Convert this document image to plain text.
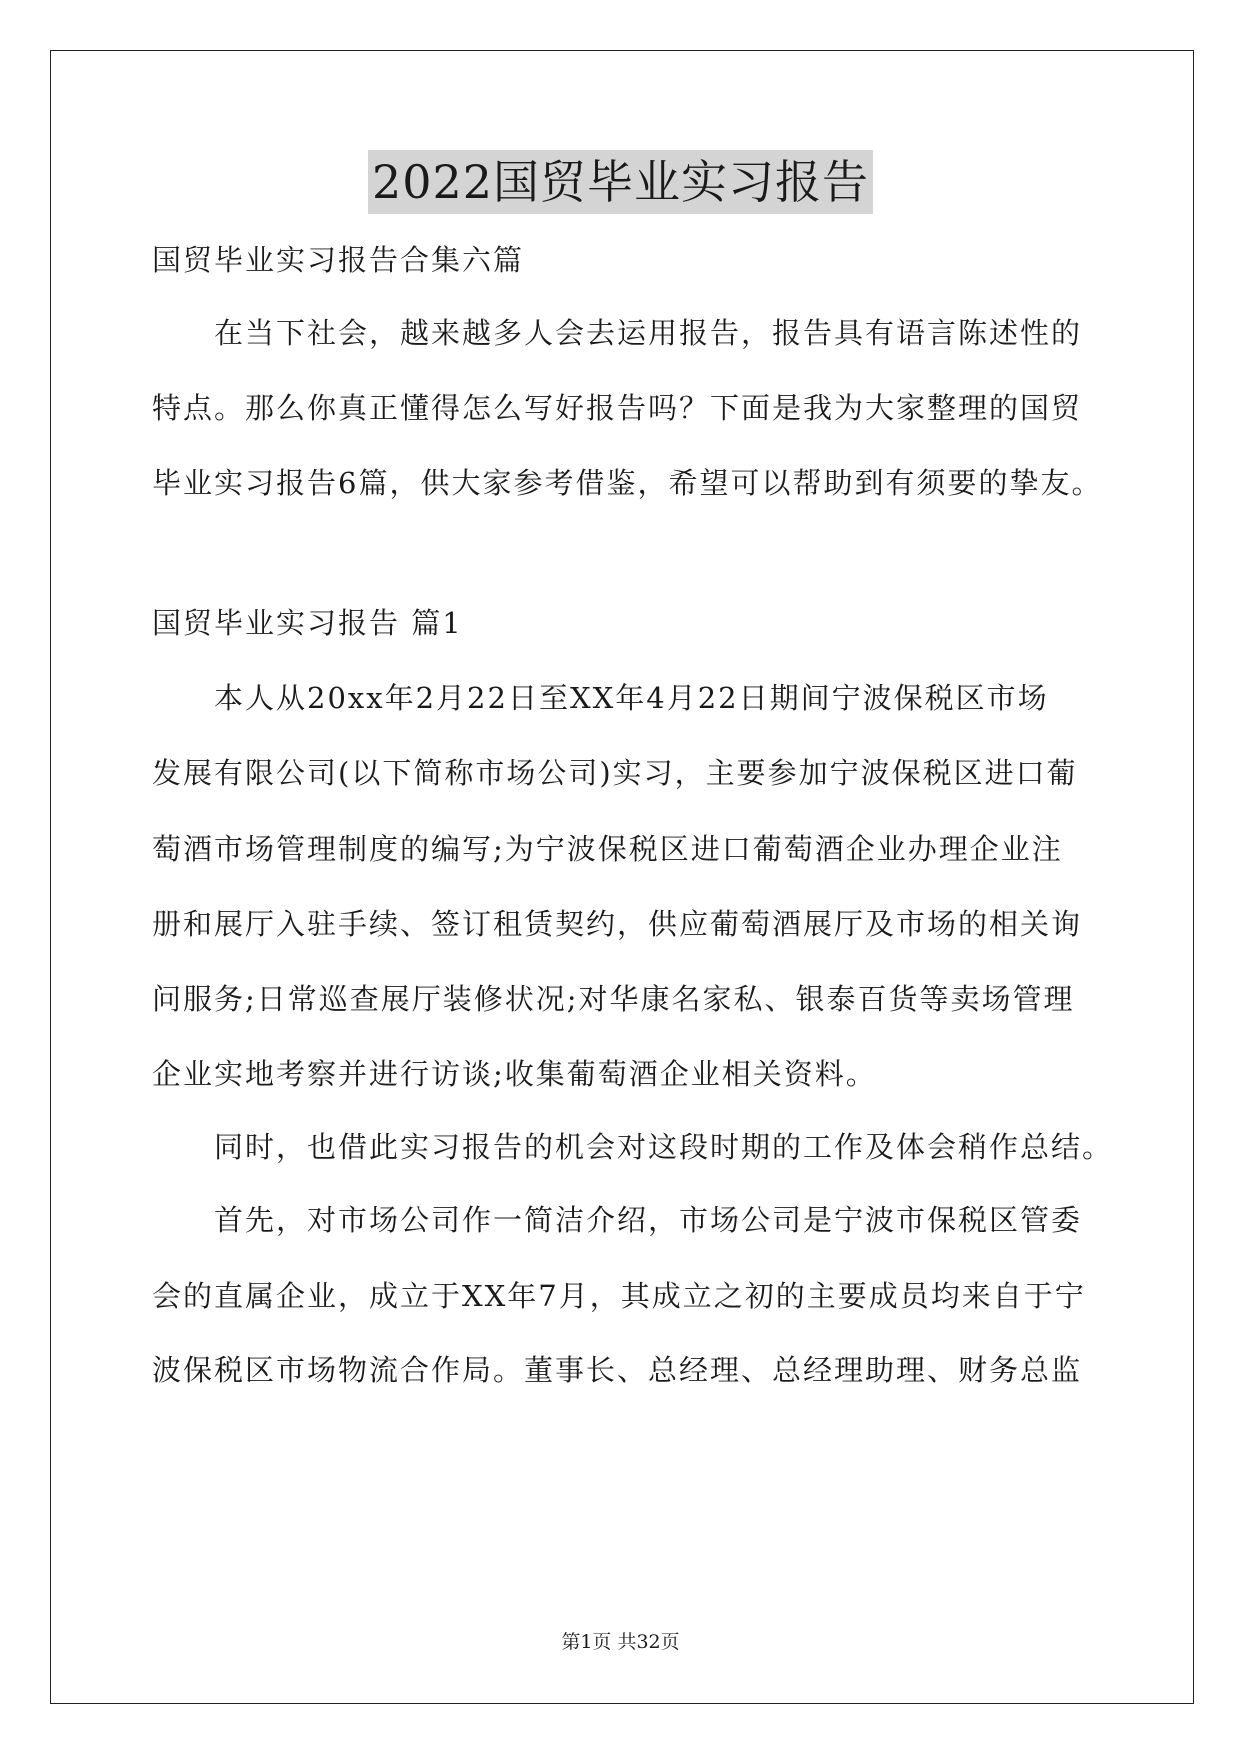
2022国贸毕业实习报告
国贸毕业实习报告合集六篇
在当下社会，越来越多人会去运用报告，报告具有语言陈述性的
特点。那么你真正懂得怎么写好报告吗？下面是我为大家整理的国贸
毕业实习报告6篇，供大家参考借鉴，希望可以帮助到有须要的挚友。
国贸毕业实习报告 篇1
本人从20xx年2月22日至XX年4月22日期间宁波保税区市场
发展有限公司(以下简称市场公司)实习，主要参加宁波保税区进口葡
萄酒市场管理制度的编写;为宁波保税区进口葡萄酒企业办理企业注
册和展厅入驻手续、签订租赁契约，供应葡萄酒展厅及市场的相关询
问服务;日常巡查展厅装修状况;对华康名家私、银泰百货等卖场管理
企业实地考察并进行访谈;收集葡萄酒企业相关资料。
同时，也借此实习报告的机会对这段时期的工作及体会稍作总结。
首先，对市场公司作一简洁介绍，市场公司是宁波市保税区管委
会的直属企业，成立于XX年7月，其成立之初的主要成员均来自于宁
波保税区市场物流合作局。董事长、总经理、总经理助理、财务总监
第1页 共32页
